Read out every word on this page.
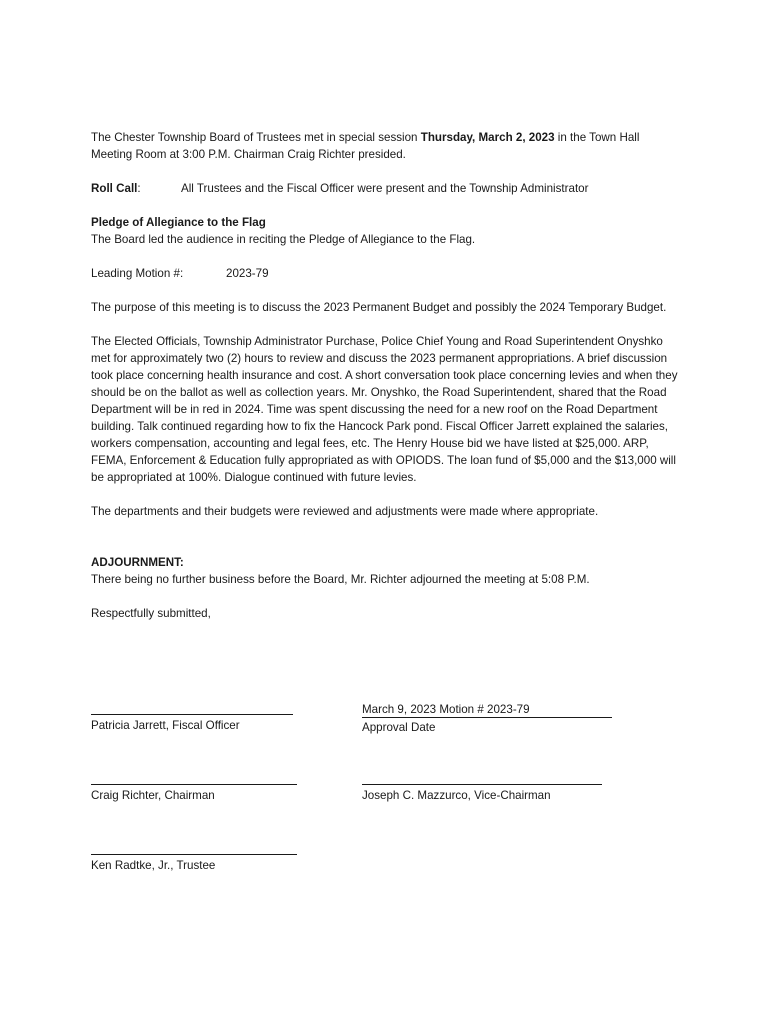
The Chester Township Board of Trustees met in special session Thursday, March 2, 2023 in the Town Hall Meeting Room at 3:00 P.M. Chairman Craig Richter presided.

Roll Call:	All Trustees and the Fiscal Officer were present and the Township Administrator

Pledge of Allegiance to the Flag

The Board led the audience in reciting the Pledge of Allegiance to the Flag.

Leading Motion #:	2023-79

The purpose of this meeting is to discuss the 2023 Permanent Budget and possibly the 2024 Temporary Budget.

The Elected Officials, Township Administrator Purchase, Police Chief Young and Road Superintendent Onyshko met for approximately two (2) hours to review and discuss the 2023 permanent appropriations. A brief discussion took place concerning health insurance and cost. A short conversation took place concerning levies and when they should be on the ballot as well as collection years. Mr. Onyshko, the Road Superintendent, shared that the Road Department will be in red in 2024. Time was spent discussing the need for a new roof on the Road Department building. Talk continued regarding how to fix the Hancock Park pond. Fiscal Officer Jarrett explained the salaries, workers compensation, accounting and legal fees, etc. The Henry House bid we have listed at $25,000. ARP, FEMA, Enforcement & Education fully appropriated as with OPIODS. The loan fund of $5,000 and the $13,000 will be appropriated at 100%. Dialogue continued with future levies.

The departments and their budgets were reviewed and adjustments were made where appropriate.

ADJOURNMENT:

There being no further business before the Board, Mr. Richter adjourned the meeting at 5:08 P.M.

Respectfully submitted,

Patricia Jarrett, Fiscal Officer
March 9, 2023 Motion # 2023-79
Approval Date
Craig Richter, Chairman	Joseph C. Mazzurco, Vice-Chairman
Ken Radtke, Jr., Trustee
